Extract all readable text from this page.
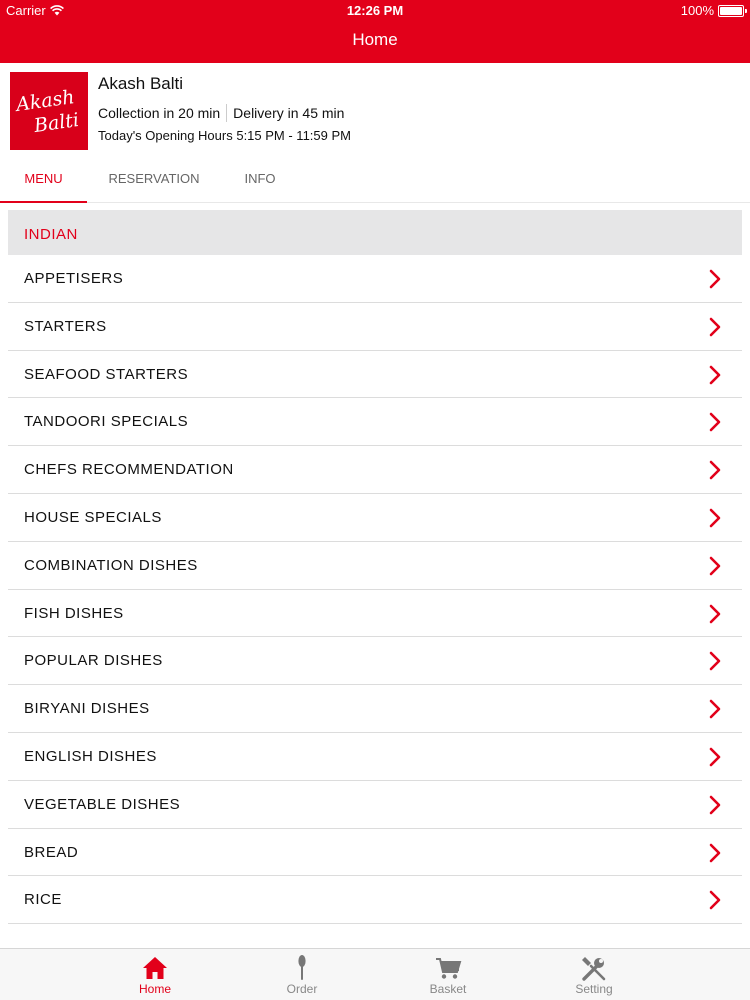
Carrier	12:26 PM	100%
Home
Akash
Balti
Akash Balti
Collection in 20 min Delivery in 45 min
Today's Opening Hours 5:15 PM - 11:59 PM
MENU	RESERVATION	INFO
INDIAN
APPETISERS
STARTERS
SEAFOOD STARTERS
TANDOORI SPECIALS
CHEFS RECOMMENDATION
HOUSE SPECIALS
COMBINATION DISHES
FISH DISHES
POPULAR DISHES
BIRYANI DISHES
ENGLISH DISHES
VEGETABLE DISHES
BREAD
RICE
Home	Order	Basket	Setting
